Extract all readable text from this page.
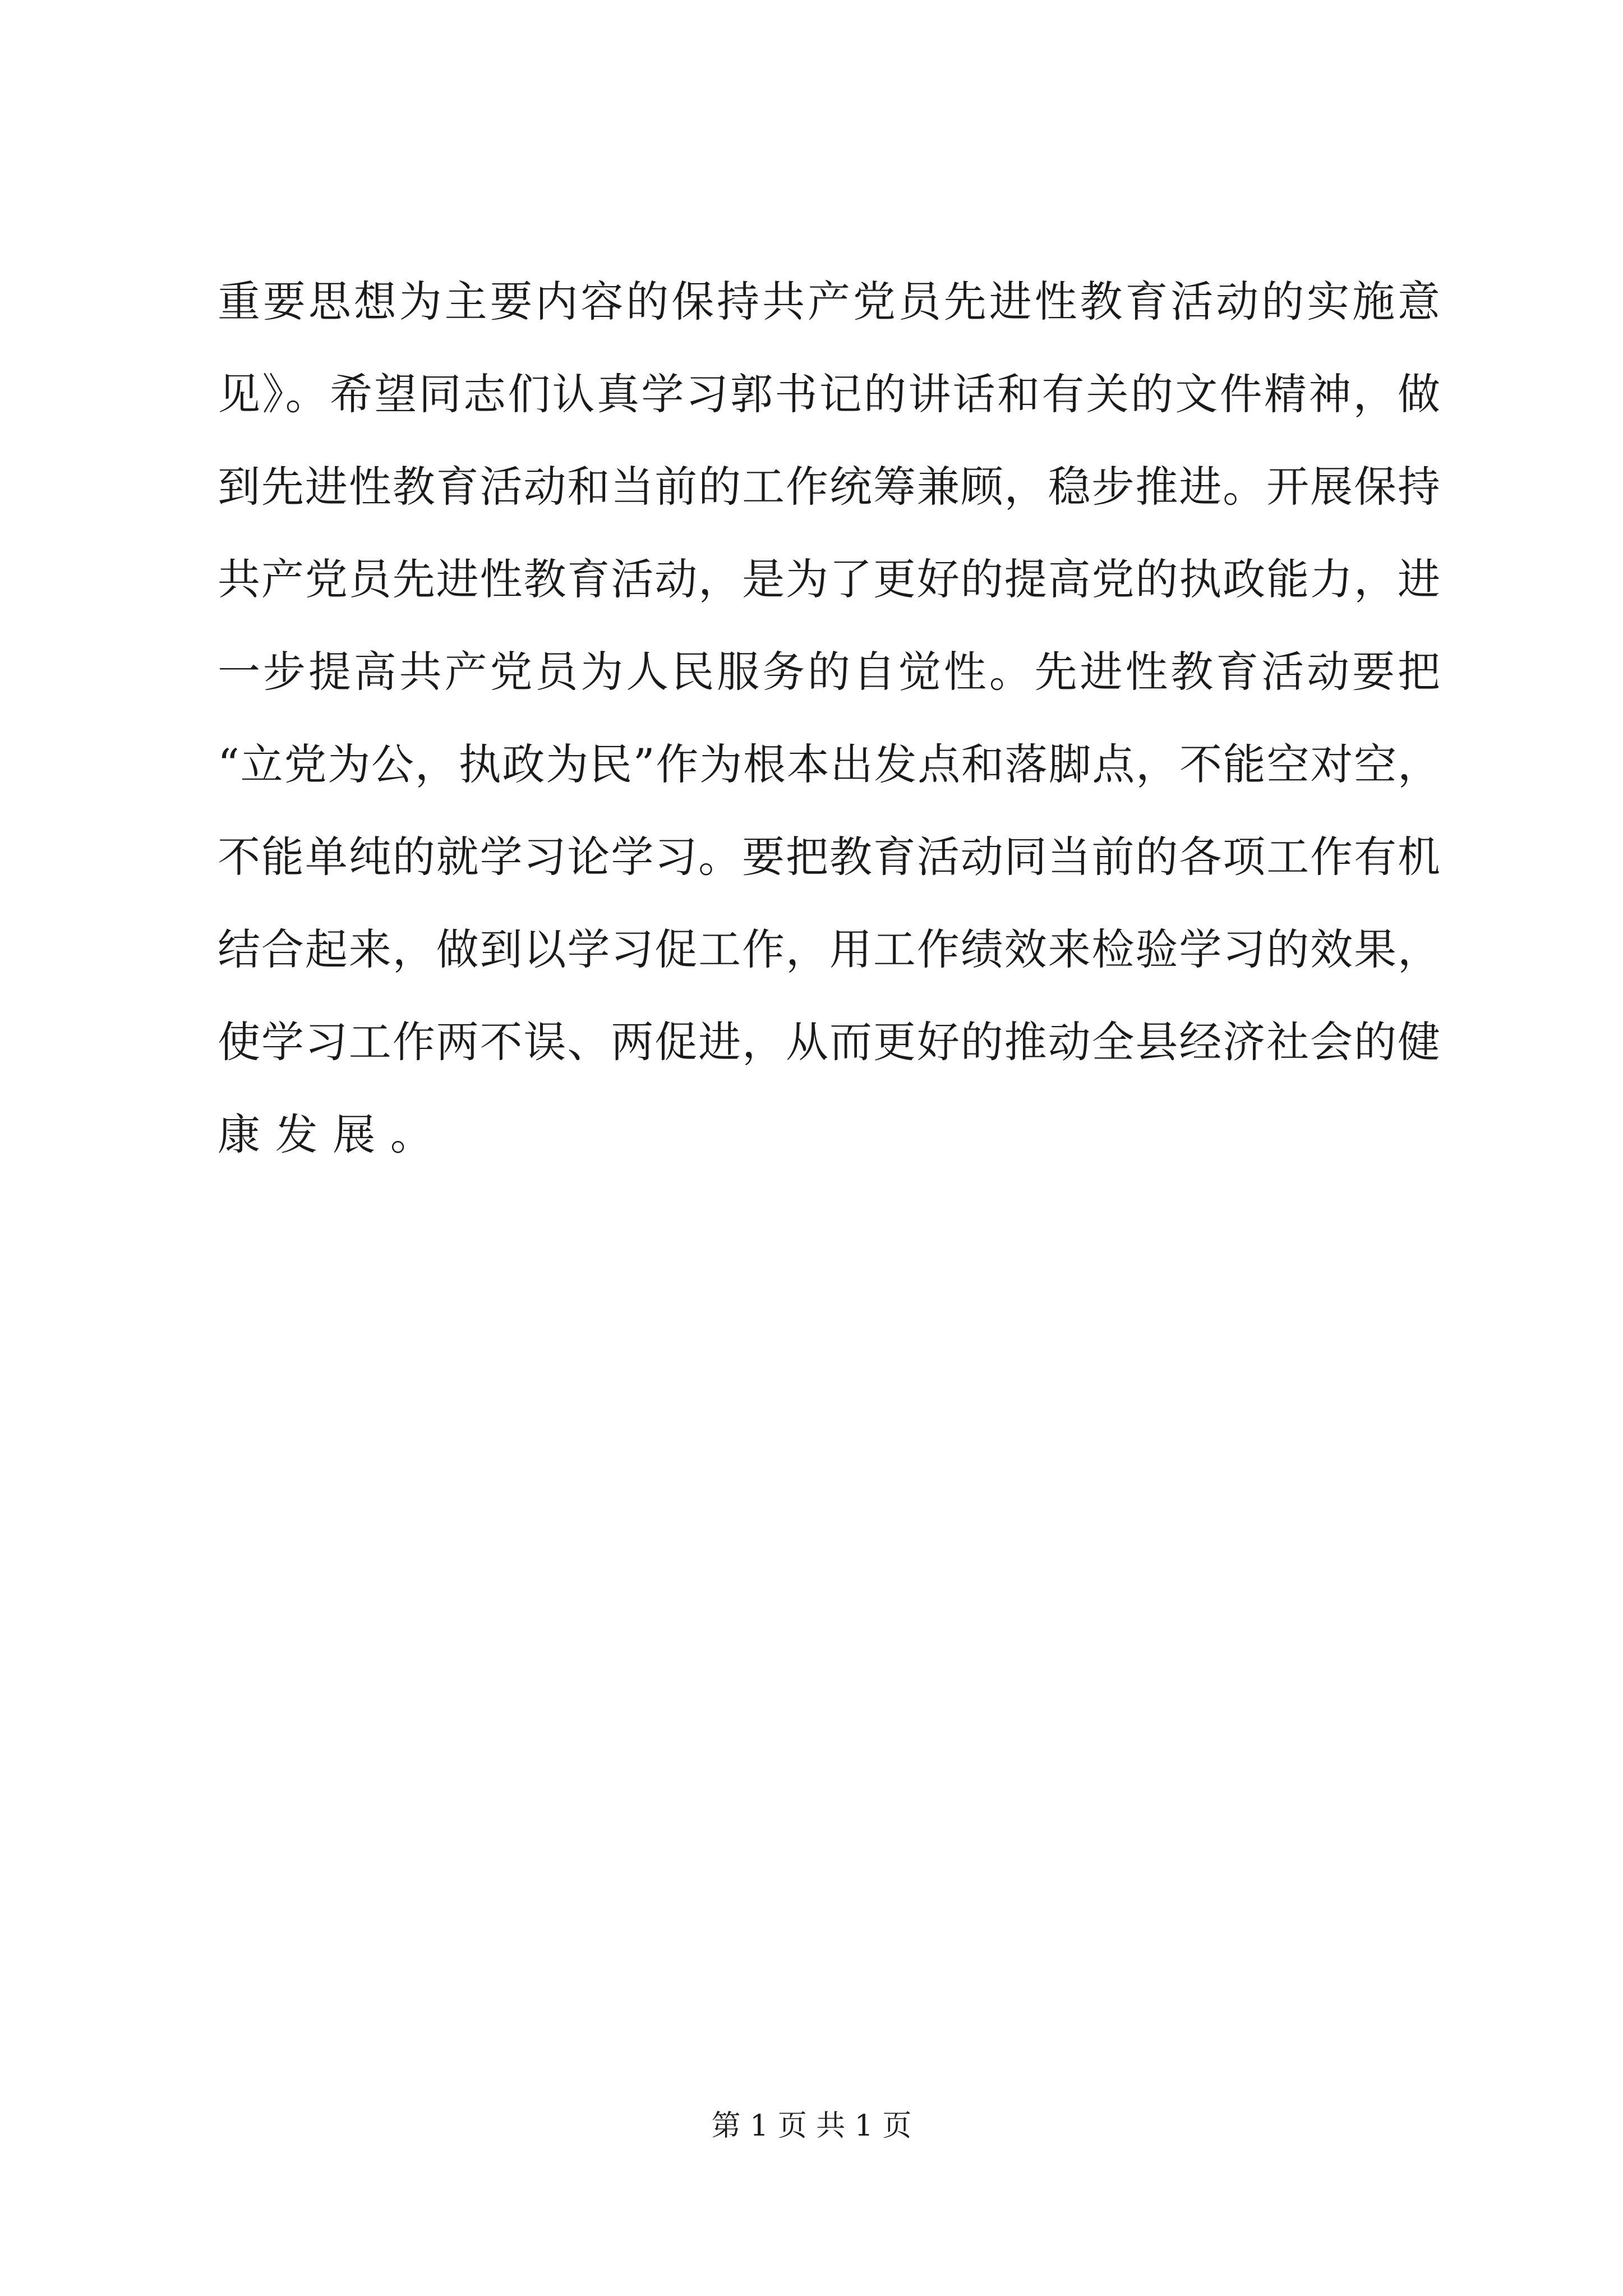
重要思想为主要内容的保持共产党员先进性教育活动的实施意
见》。希望同志们认真学习郭书记的讲话和有关的文件精神，做
到先进性教育活动和当前的工作统筹兼顾，稳步推进。开展保持
共产党员先进性教育活动，是为了更好的提高党的执政能力，进
一步提高共产党员为人民服务的自觉性。先进性教育活动要把
“立党为公，执政为民”作为根本出发点和落脚点，不能空对空，
不能单纯的就学习论学习。要把教育活动同当前的各项工作有机
结合起来，做到以学习促工作，用工作绩效来检验学习的效果，
使学习工作两不误、两促进，从而更好的推动全县经济社会的健
康发展。
第 1 页 共 1 页
